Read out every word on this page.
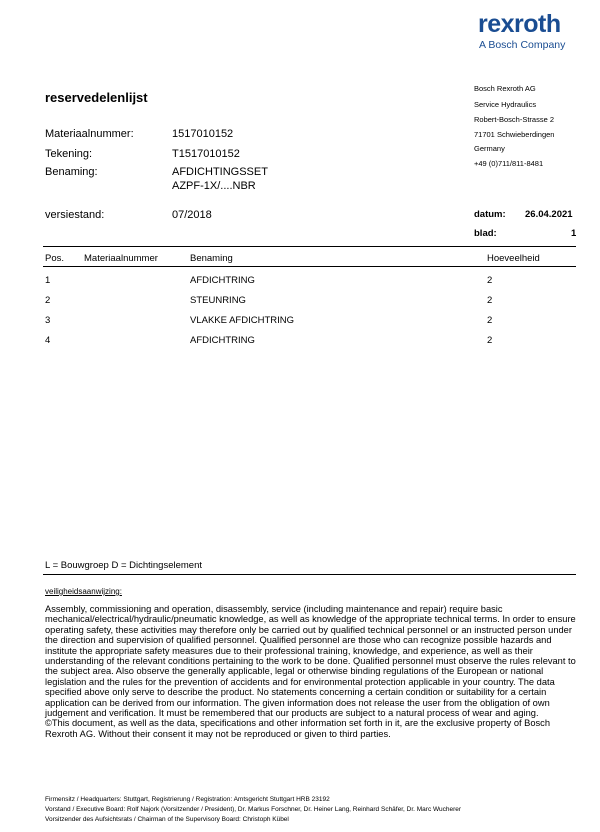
rexroth
A Bosch Company
reservedelenlijst
Bosch Rexroth AG
Service Hydraulics
Robert-Bosch-Strasse 2
71701 Schwieberdingen
Germany
+49 (0)711/811-8481
Materiaalnummer:	1517010152
Tekening:	T1517010152
Benaming:	AFDICHTINGSSET
AZPF-1X/....NBR
versiestand:	07/2018	datum: 26.04.2021
blad:	1
Pos. Materiaalnummer	Benaming	Hoeveelheid
1	AFDICHTRING	2
2	STEUNRING	2
3	VLAKKE AFDICHTRING	2
4	AFDICHTRING	2
L = Bouwgroep D = Dichtingselement
veiligheidsaanwijzing:
Assembly, commissioning and operation, disassembly, service (including maintenance and repair) require basic mechanical/electrical/hydraulic/pneumatic knowledge, as well as knowledge of the appropriate technical terms. In order to ensure operating safety, these activities may therefore only be carried out by qualified technical personnel or an instructed person under the direction and supervision of qualified personnel. Qualified personnel are those who can recognize possible hazards and institute the appropriate safety measures due to their professional training, knowledge, and experience, as well as their understanding of the relevant conditions pertaining to the work to be done. Qualified personnel must observe the rules relevant to the subject area. Also observe the generally applicable, legal or otherwise binding regulations of the European or national legislation and the rules for the prevention of accidents and for environmental protection applicable in your country. The data specified above only serve to describe the product. No statements concerning a certain condition or suitability for a certain application can be derived from our information. The given information does not release the user from the obligation of own judgement and verification. It must be remembered that our products are subject to a natural process of wear and aging.
©This document, as well as the data, specifications and other information set forth in it, are the exclusive property of Bosch Rexroth AG. Without their consent it may not be reproduced or given to third parties.
Firmensitz / Headquarters: Stuttgart, Registrierung / Registration: Amtsgericht Stuttgart HRB 23192
Vorstand / Executive Board: Rolf Najork (Vorsitzender / President), Dr. Markus Forschner, Dr. Heiner Lang, Reinhard Schäfer, Dr. Marc Wucherer
Vorsitzender des Aufsichtsrats / Chairman of the Supervisory Board: Christoph Kübel
